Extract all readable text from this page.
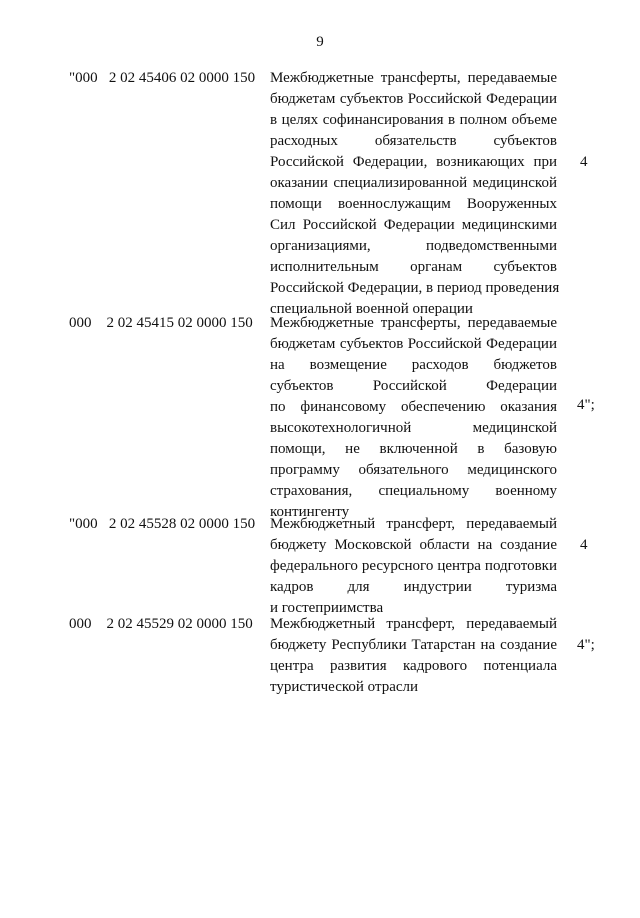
9
"000   2 02 45406 02 0000 150 Межбюджетные трансферты, передаваемые
бюджетам субъектов Российской Федерации
в целях софинансирования в полном объеме
расходных обязательств субъектов
Российской Федерации, возникающих при
оказании специализированной медицинской
помощи военнослужащим Вооруженных
Сил Российской Федерации медицинскими
организациями, подведомственными
исполнительным органам субъектов
Российской Федерации, в период проведения
специальной военной операции
4
000    2 02 45415 02 0000 150 Межбюджетные трансферты, передаваемые
бюджетам субъектов Российской Федерации
на возмещение расходов бюджетов
субъектов Российской Федерации
по финансовому обеспечению оказания
высокотехнологичной медицинской
помощи, не включенной в базовую
программу обязательного медицинского
страхования, специальному военному
контингенту
4";
"000   2 02 45528 02 0000 150 Межбюджетный трансферт, передаваемый
бюджету Московской области на создание
федерального ресурсного центра подготовки
кадров для индустрии туризма
и гостеприимства
4
000    2 02 45529 02 0000 150 Межбюджетный трансферт, передаваемый
бюджету Республики Татарстан на создание
центра развития кадрового потенциала
туристической отрасли
4";
